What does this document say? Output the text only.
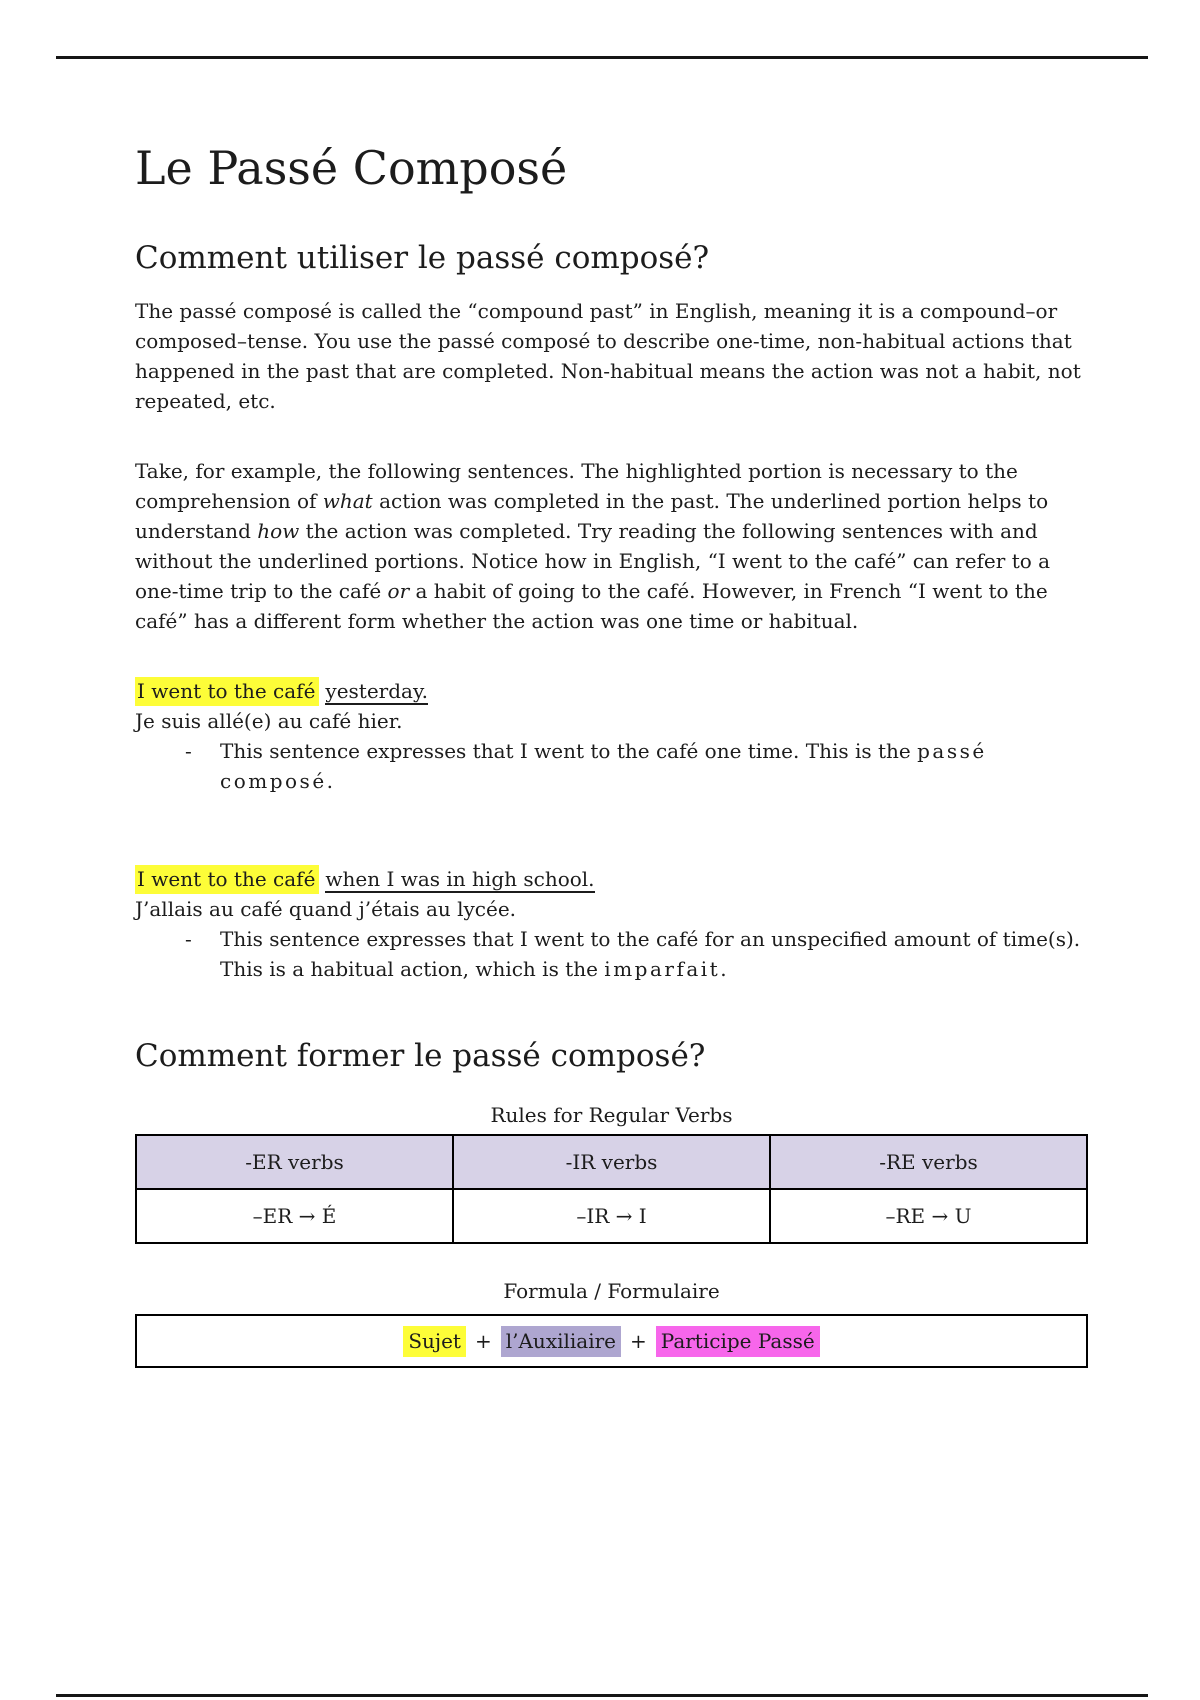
Le Passé Composé
Comment utiliser le passé composé?

The passé composé is called the “compound past” in English, meaning it is a compound–or composed–tense. You use the passé composé to describe one-time, non-habitual actions that happened in the past that are completed. Non-habitual means the action was not a habit, not repeated, etc.

Take, for example, the following sentences. The highlighted portion is necessary to the comprehension of what action was completed in the past. The underlined portion helps to understand how the action was completed. Try reading the following sentences with and without the underlined portions. Notice how in English, “I went to the café” can refer to a one-time trip to the café or a habit of going to the café. However, in French “I went to the café” has a different form whether the action was one time or habitual.

I went to the café yesterday.
Je suis allé(e) au café hier.
-	This sentence expresses that I went to the café one time. This is the passé composé.
I went to the café when I was in high school.
J’allais au café quand j’étais au lycée.
-	This sentence expresses that I went to the café for an unspecified amount of time(s). This is a habitual action, which is the imparfait.
Comment former le passé composé?
Rules for Regular Verbs
-ER verbs	-IR verbs	-RE verbs
–ER → É	–IR → I	–RE → U
Formula / Formulaire
Sujet + l’Auxiliaire + Participe Passé
